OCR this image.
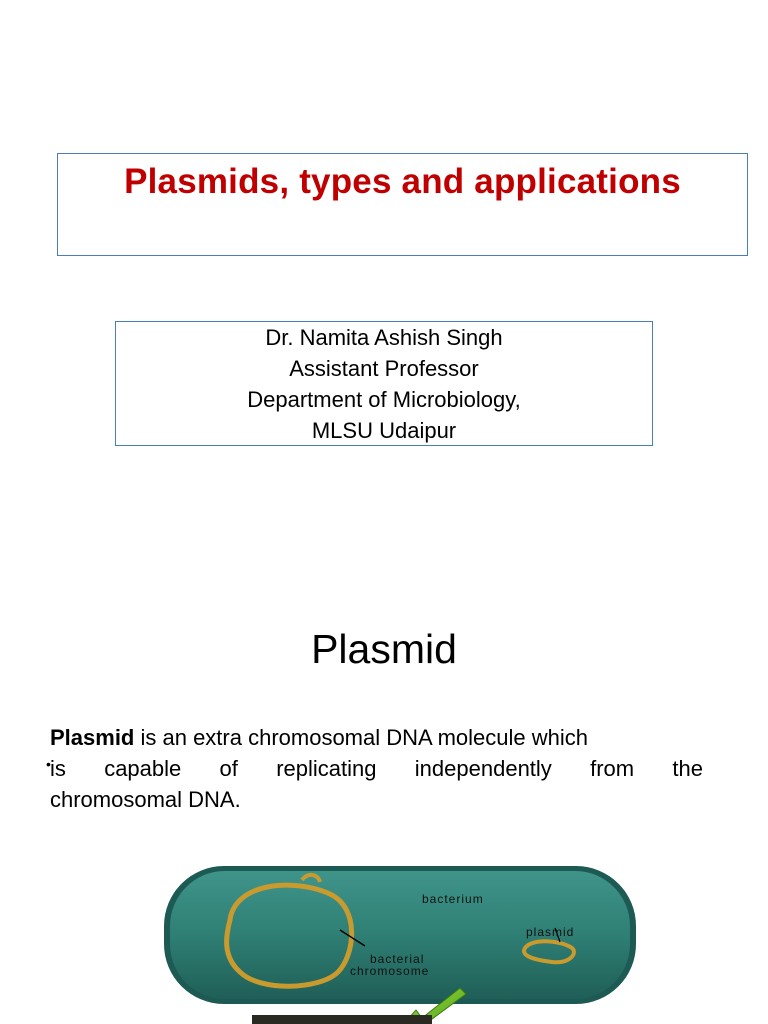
Plasmids, types and applications
Dr. Namita Ashish Singh
Assistant Professor
Department of Microbiology,
MLSU Udaipur
Plasmid
•
Plasmid is an extra chromosomal DNA molecule which
is capable of replicating independently from the
chromosomal DNA.
bacterium
plasmid
bacterial
chromosome
